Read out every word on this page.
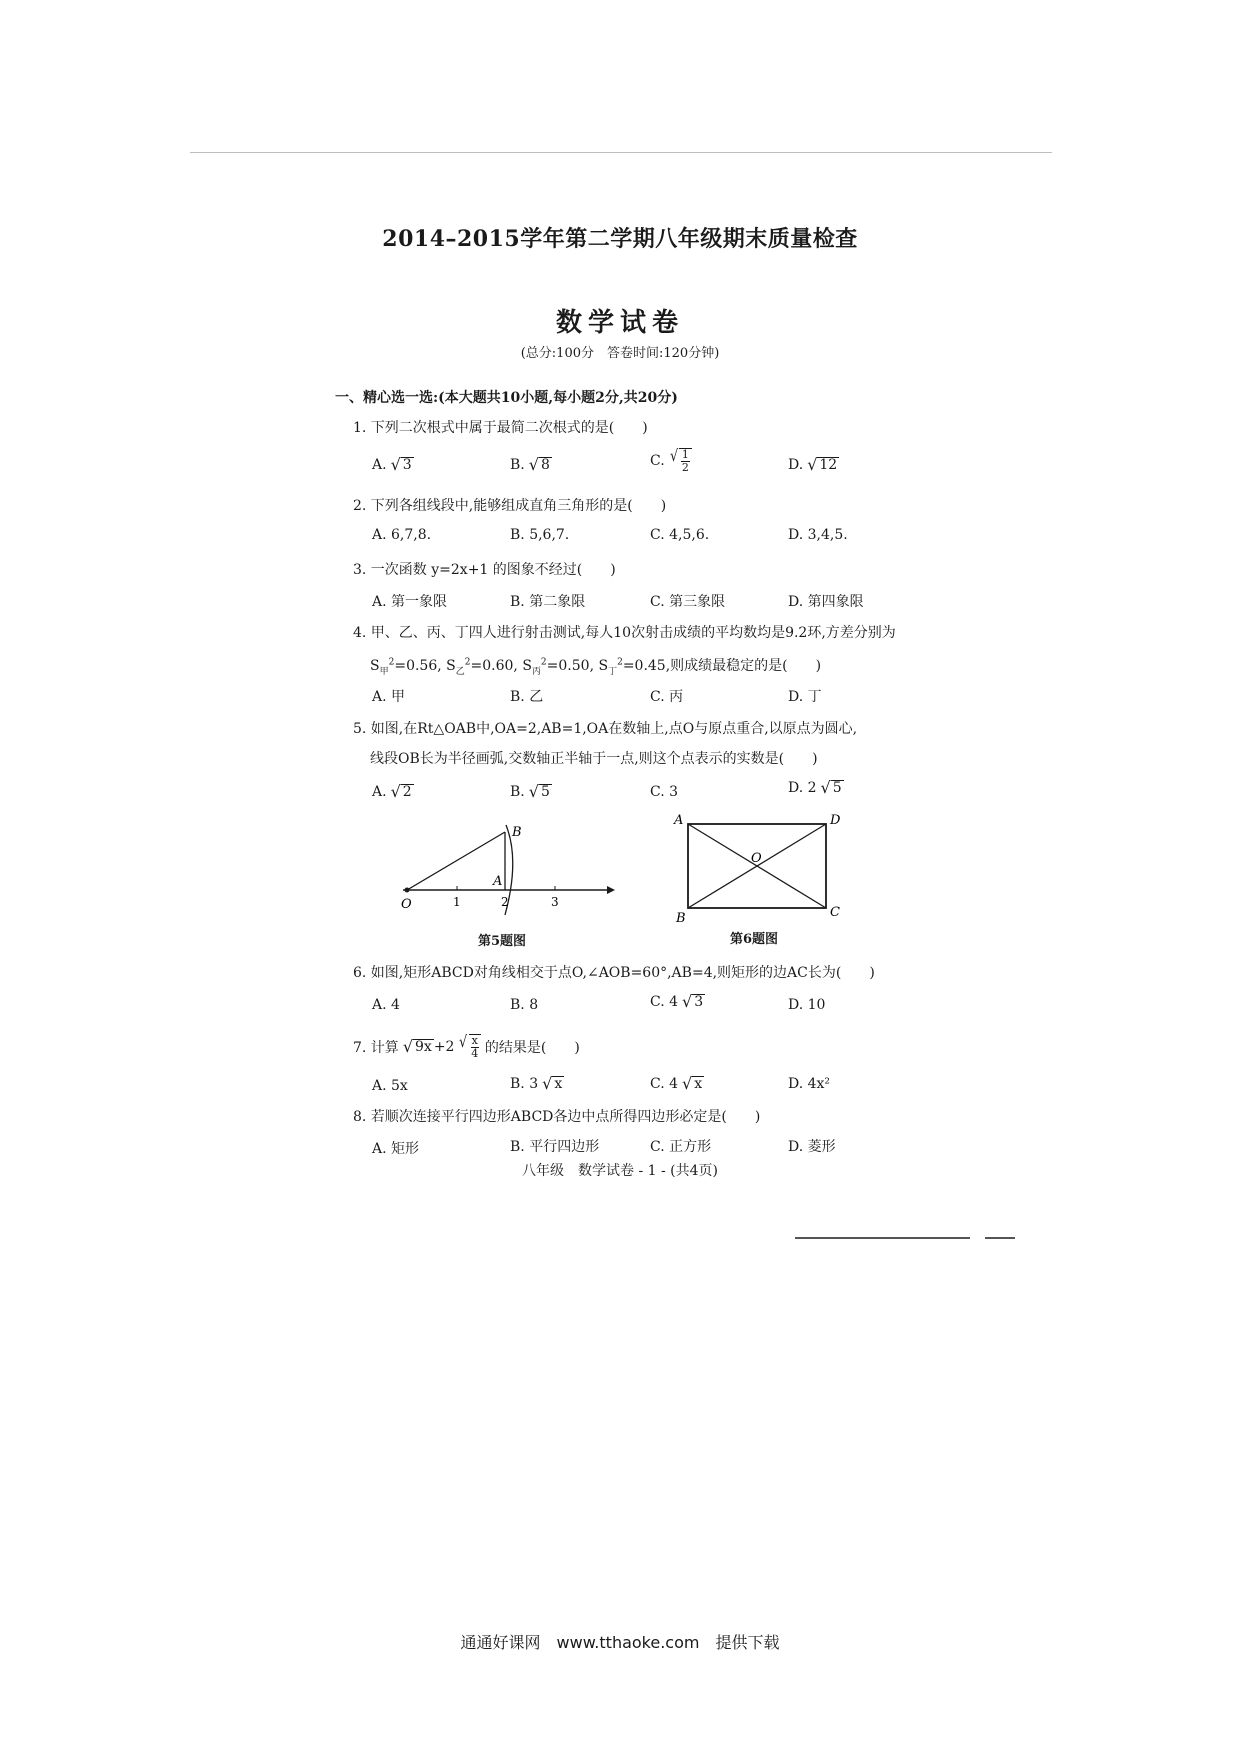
2014–2015学年第二学期八年级期末质量检查
数学试卷
(总分:100分　答卷时间:120分钟)
一、精心选一选:(本大题共10小题,每小题2分,共20分)
1. 下列二次根式中属于最简二次根式的是(　　)
A. √ 3	B. √ 8	C. √ $\frac{1}{2}$	D. √ 12
2. 下列各组线段中,能够组成直角三角形的是(　　)
A. 6,7,8.	B. 5,6,7.	C. 4,5,6.	D. 3,4,5.
3. 一次函数 y=2x+1 的图象不经过(　　)
A. 第一象限	B. 第二象限	C. 第三象限	D. 第四象限
4. 甲、乙、丙、丁四人进行射击测试,每人10次射击成绩的平均数均是9.2环,方差分别为
$S_甲^2=0.56$, $S_乙^2=0.60$, $S_丙^2=0.50$, $S_丁^2=0.45$,则成绩最稳定的是(　　)
A. 甲	B. 乙	C. 丙	D. 丁
5. 如图,在Rt△OAB中,OA=2,AB=1,OA在数轴上,点O与原点重合,以原点为圆心,
线段OB长为半径画弧,交数轴正半轴于一点,则这个点表示的实数是(　　)
A. √ 2	B. √ 5	C. 3	D. 2 √ 5
O
A
B
1	2	3
第5题图
A	D
B	C
O
第6题图
6. 如图,矩形ABCD对角线相交于点O,∠AOB=60°,AB=4,则矩形的边AC长为(　　)
A. 4	B. 8	C. 4 √ 3	D. 10
7. 计算 √ 9x +2 √ $\frac{x}{4}$ 的结果是(　　)
A. 5x	B. 3 √ x	C. 4 √ x	D. 4x²
8. 若顺次连接平行四边形ABCD各边中点所得四边形必定是(　　)
A. 矩形	B. 平行四边形	C. 正方形	D. 菱形
八年级　数学试卷 - 1 - (共4页)
通通好课网　www.tthaoke.com　提供下载
